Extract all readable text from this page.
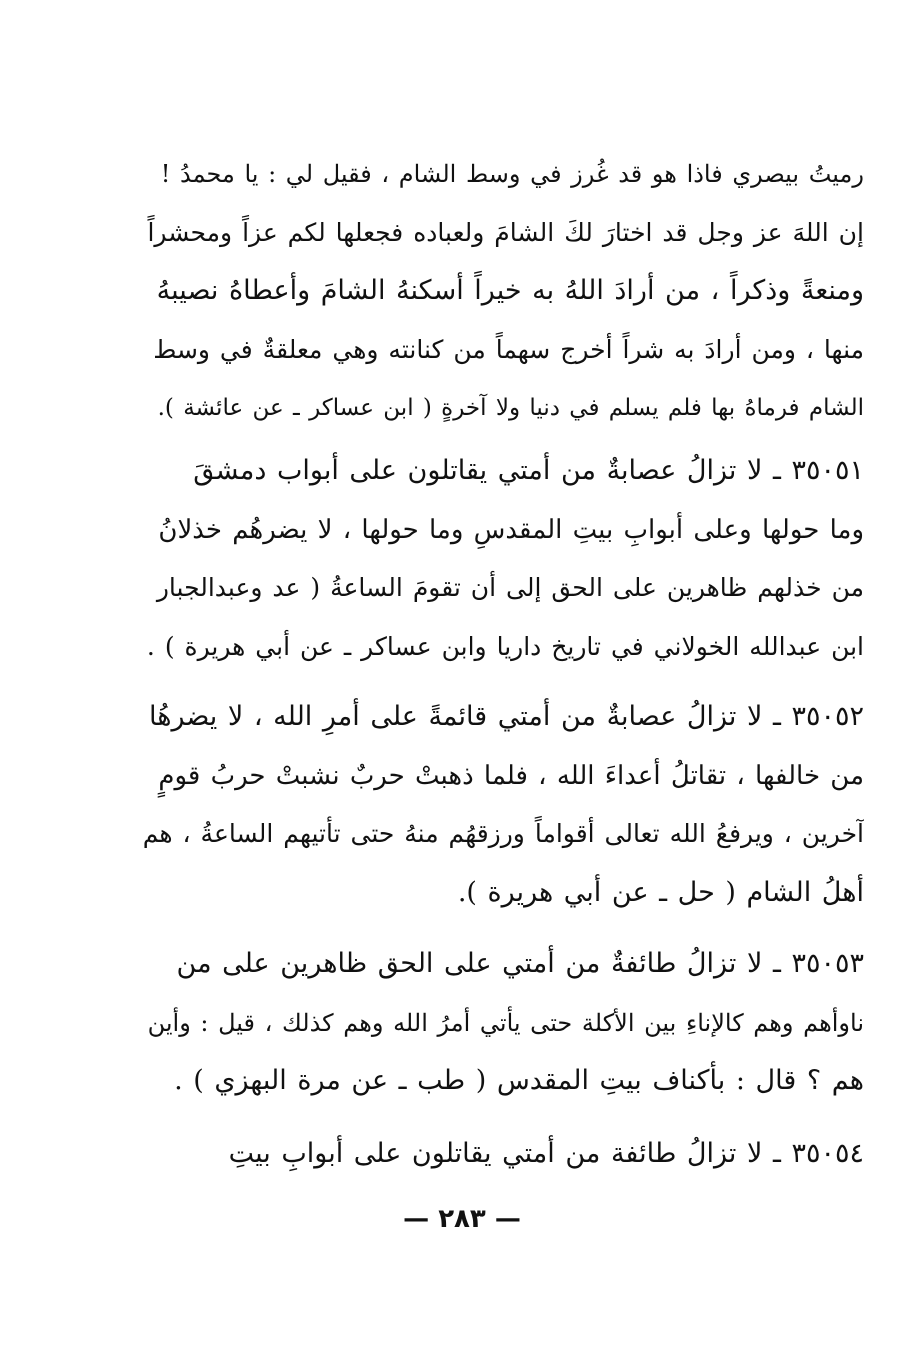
رميتُ بيصري فاذا هو قد غُرز في وسط الشام ، فقيل لي : يا محمدُ !
إن اللهَ عز وجل قد اختارَ لكَ الشامَ ولعباده فجعلها لكم عزاً ومحشراً
ومنعةً وذكراً ، من أرادَ اللهُ به خيراً أسكنهُ الشامَ وأعطاهُ نصيبهُ
منها ، ومن أرادَ به شراً أخرج سهماً من كنانته وهي معلقةٌ في وسط
الشام فرماهُ بها فلم يسلم في دنيا ولا آخرةٍ ( ابن عساكر ـ عن عائشة ).
٣٥٠٥١ ـ لا تزالُ عصابةٌ من أمتي يقاتلون على أبواب دمشقَ
وما حولها وعلى أبوابِ بيتِ المقدسِ وما حولها ، لا يضرهُم خذلانُ
من خذلهم ظاهرين على الحق إلى أن تقومَ الساعةُ ( عد وعبدالجبار
ابن عبدالله الخولاني في تاريخ داريا وابن عساكر ـ عن أبي هريرة ) .
٣٥٠٥٢ ـ لا تزالُ عصابةٌ من أمتي قائمةً على أمرِ الله ، لا يضرهُا
من خالفها ، تقاتلُ أعداءَ الله ، فلما ذهبتْ حربٌ نشبتْ حربُ قومٍ
آخرين ، ويرفعُ الله تعالى أقواماً ورزقهُم منهُ حتى تأتيهم الساعةُ ، هم
أهلُ الشام ( حل ـ عن أبي هريرة ).
٣٥٠٥٣ ـ لا تزالُ طائفةٌ من أمتي على الحق ظاهرين على من
ناوأهم وهم كالإناءِ بين الأكلة حتى يأتي أمرُ الله وهم كذلك ، قيل : وأين
هم ؟ قال : بأكناف بيتِ المقدس ( طب ـ عن مرة البهزي ) .
٣٥٠٥٤ ـ لا تزالُ طائفة من أمتي يقاتلون على أبوابِ بيتِ
— ٢٨٣ —
